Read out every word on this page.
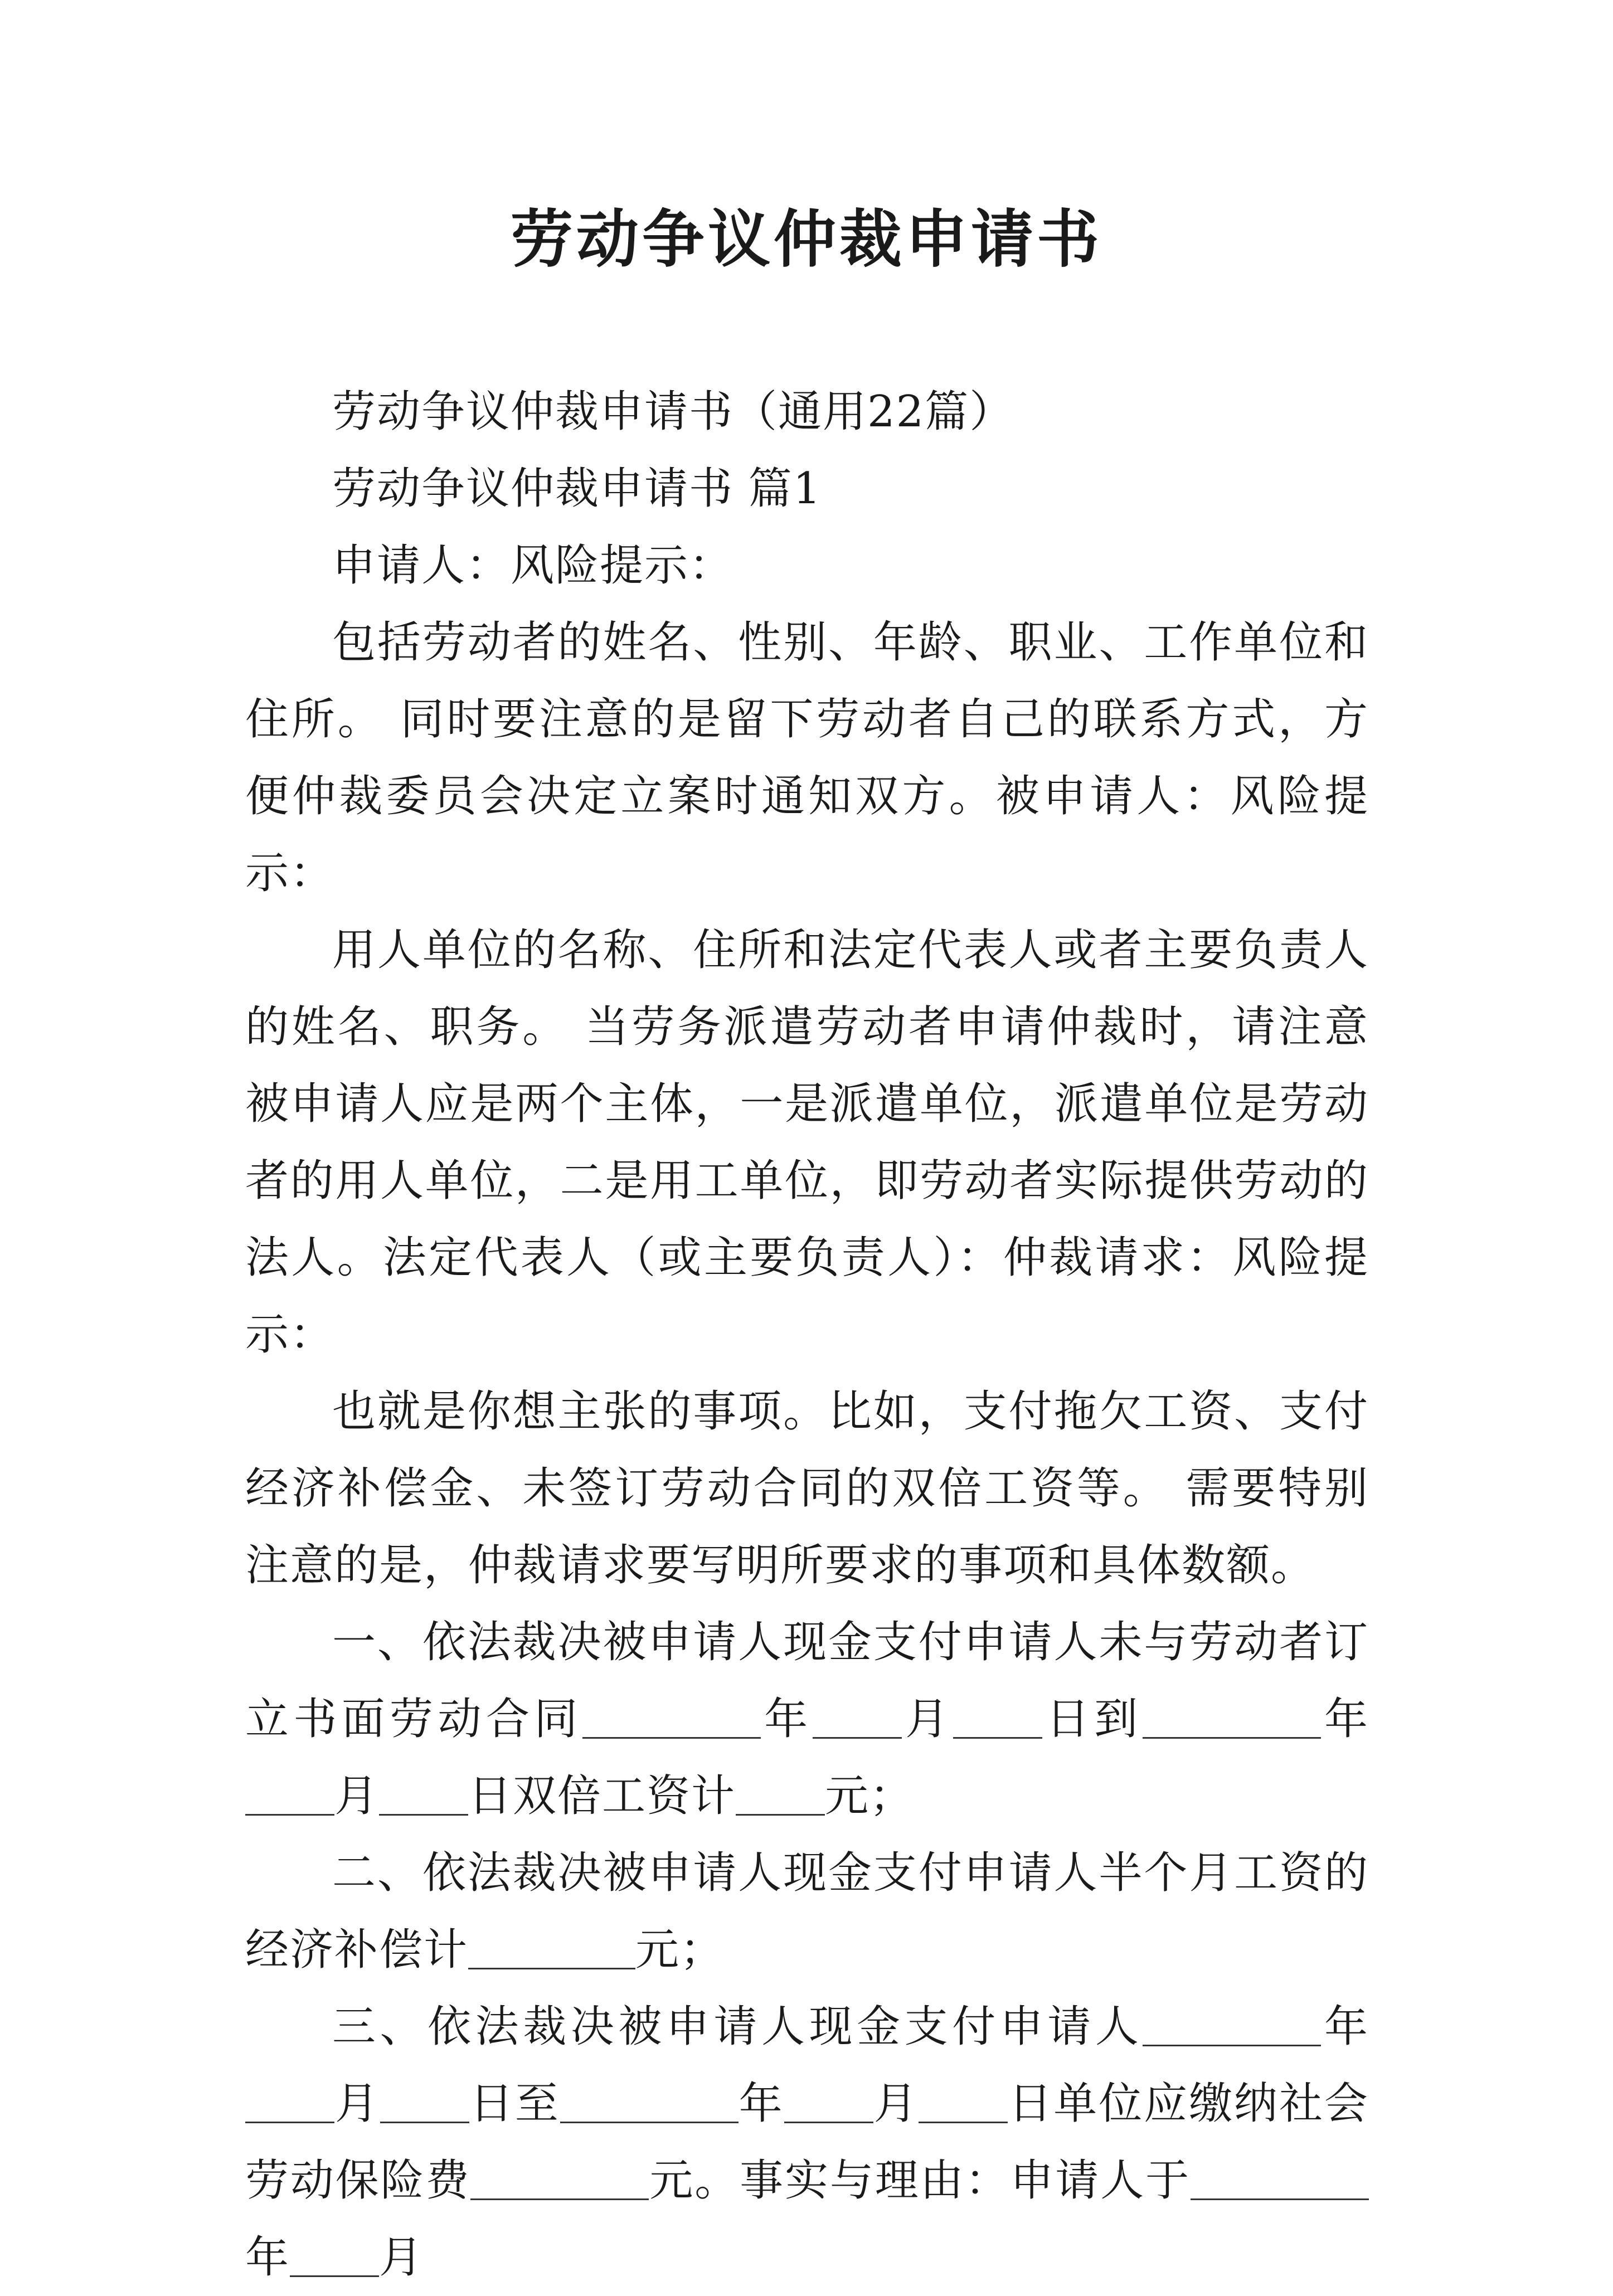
劳动争议仲裁申请书

劳动争议仲裁申请书（通用22篇）

劳动争议仲裁申请书 篇1

申请人：风险提示：

包括劳动者的姓名、性别、年龄、职业、工作单位和住所。 同时要注意的是留下劳动者自己的联系方式，方便仲裁委员会决定立案时通知双方。被申请人：风险提示：

用人单位的名称、住所和法定代表人或者主要负责人的姓名、职务。 当劳务派遣劳动者申请仲裁时，请注意被申请人应是两个主体，一是派遣单位，派遣单位是劳动者的用人单位，二是用工单位，即劳动者实际提供劳动的法人。法定代表人（或主要负责人）：仲裁请求：风险提示：

也就是你想主张的事项。比如，支付拖欠工资、支付经济补偿金、未签订劳动合同的双倍工资等。 需要特别注意的是，仲裁请求要写明所要求的事项和具体数额。

一、依法裁决被申请人现金支付申请人未与劳动者订立书面劳动合同	年 月 日到	年月 日双倍工资计 元；

二、依法裁决被申请人现金支付申请人半个月工资的经济补偿计	元；

三、依法裁决被申请人现金支付申请人	年月 日至	年 月 日单位应缴纳社会劳动保险费	元。事实与理由：申请人于年 月
